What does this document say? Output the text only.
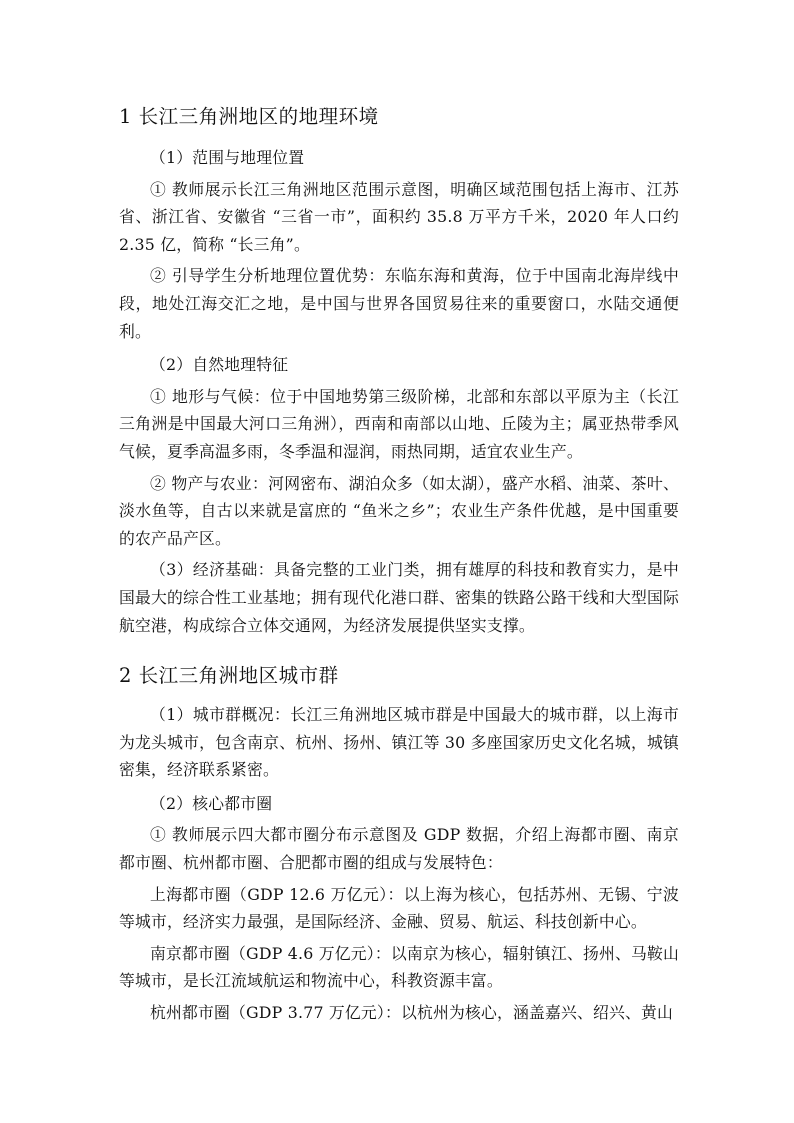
1 长江三角洲地区的地理环境

（1）范围与地理位置

① 教师展示长江三角洲地区范围示意图，明确区域范围包括上海市、江苏省、浙江省、安徽省 “三省一市”，面积约 35.8 万平方千米，2020 年人口约2.35 亿，简称 “长三角”。

② 引导学生分析地理位置优势：东临东海和黄海，位于中国南北海岸线中段，地处江海交汇之地，是中国与世界各国贸易往来的重要窗口，水陆交通便利。

（2）自然地理特征

① 地形与气候：位于中国地势第三级阶梯，北部和东部以平原为主（长江三角洲是中国最大河口三角洲），西南和南部以山地、丘陵为主；属亚热带季风气候，夏季高温多雨，冬季温和湿润，雨热同期，适宜农业生产。

② 物产与农业：河网密布、湖泊众多（如太湖），盛产水稻、油菜、茶叶、淡水鱼等，自古以来就是富庶的 “鱼米之乡”；农业生产条件优越，是中国重要的农产品产区。

（3）经济基础：具备完整的工业门类，拥有雄厚的科技和教育实力，是中国最大的综合性工业基地；拥有现代化港口群、密集的铁路公路干线和大型国际航空港，构成综合立体交通网，为经济发展提供坚实支撑。

2 长江三角洲地区城市群

（1）城市群概况：长江三角洲地区城市群是中国最大的城市群，以上海市为龙头城市，包含南京、杭州、扬州、镇江等 30 多座国家历史文化名城，城镇密集，经济联系紧密。

（2）核心都市圈

① 教师展示四大都市圈分布示意图及 GDP 数据，介绍上海都市圈、南京都市圈、杭州都市圈、合肥都市圈的组成与发展特色：

上海都市圈（GDP 12.6 万亿元）：以上海为核心，包括苏州、无锡、宁波等城市，经济实力最强，是国际经济、金融、贸易、航运、科技创新中心。

南京都市圈（GDP 4.6 万亿元）：以南京为核心，辐射镇江、扬州、马鞍山等城市，是长江流域航运和物流中心，科教资源丰富。

杭州都市圈（GDP 3.77 万亿元）：以杭州为核心，涵盖嘉兴、绍兴、黄山
